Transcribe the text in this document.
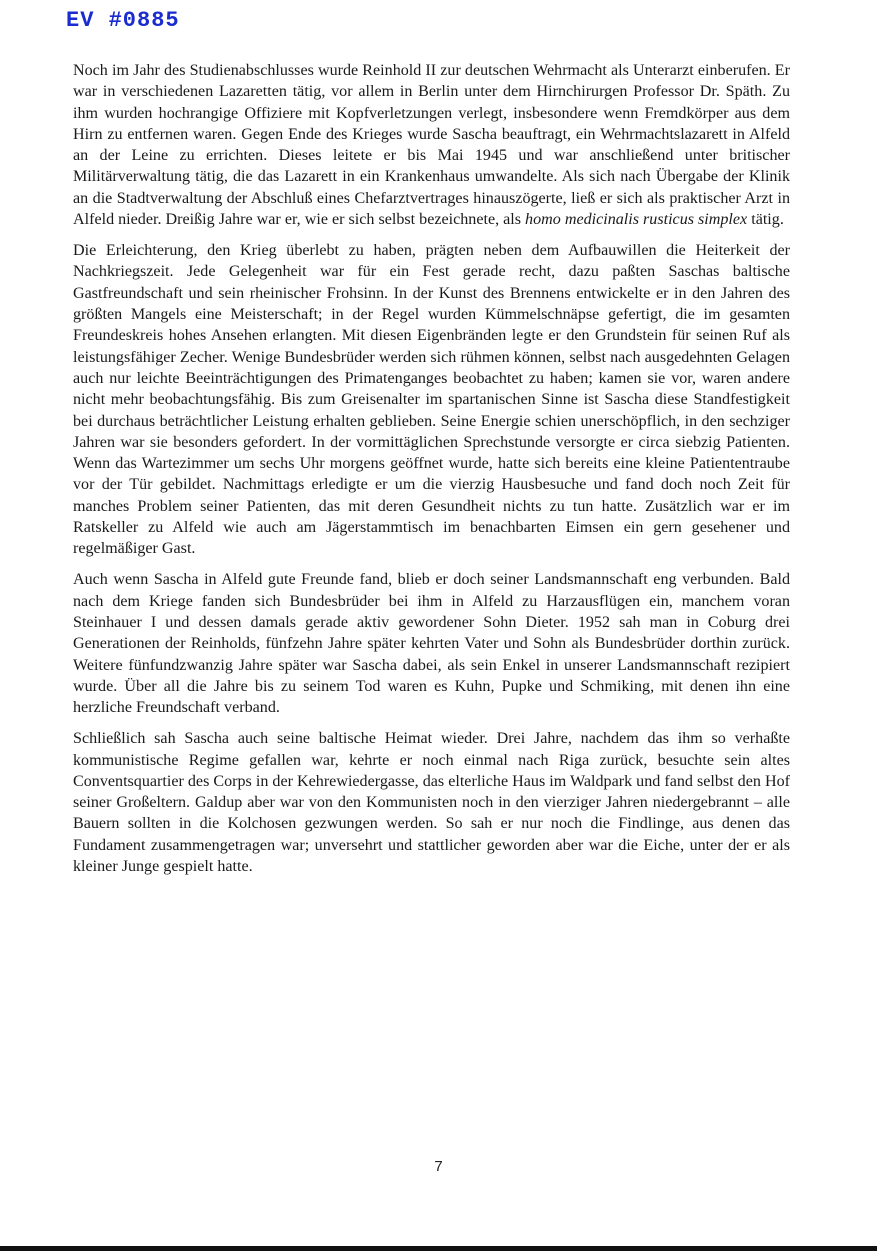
EV #0885

Noch im Jahr des Studienabschlusses wurde Reinhold II zur deutschen Wehrmacht als Unterarzt einberufen. Er war in verschiedenen Lazaretten tätig, vor allem in Berlin unter dem Hirnchirurgen Professor Dr. Späth. Zu ihm wurden hochrangige Offiziere mit Kopfverletzungen verlegt, insbesondere wenn Fremdkörper aus dem Hirn zu entfernen waren. Gegen Ende des Krieges wurde Sascha beauftragt, ein Wehrmachtslazarett in Alfeld an der Leine zu errichten. Dieses leitete er bis Mai 1945 und war anschließend unter britischer Militärverwaltung tätig, die das Lazarett in ein Krankenhaus umwandelte. Als sich nach Übergabe der Klinik an die Stadtverwaltung der Abschluß eines Chefarztvertrages hinauszögerte, ließ er sich als praktischer Arzt in Alfeld nieder. Dreißig Jahre war er, wie er sich selbst bezeichnete, als homo medicinalis rusticus simplex tätig.

Die Erleichterung, den Krieg überlebt zu haben, prägten neben dem Aufbauwillen die Heiterkeit der Nachkriegszeit. Jede Gelegenheit war für ein Fest gerade recht, dazu paßten Saschas baltische Gastfreundschaft und sein rheinischer Frohsinn. In der Kunst des Brennens entwickelte er in den Jahren des größten Mangels eine Meisterschaft; in der Regel wurden Kümmelschnäpse gefertigt, die im gesamten Freundeskreis hohes Ansehen erlangten. Mit diesen Eigenbränden legte er den Grundstein für seinen Ruf als leistungsfähiger Zecher. Wenige Bundesbrüder werden sich rühmen können, selbst nach ausgedehnten Gelagen auch nur leichte Beeinträchtigungen des Primatenganges beobachtet zu haben; kamen sie vor, waren andere nicht mehr beobachtungsfähig. Bis zum Greisenalter im spartanischen Sinne ist Sascha diese Standfestigkeit bei durchaus beträchtlicher Leistung erhalten geblieben. Seine Energie schien unerschöpflich, in den sechziger Jahren war sie besonders gefordert. In der vormittäglichen Sprechstunde versorgte er circa siebzig Patienten. Wenn das Wartezimmer um sechs Uhr morgens geöffnet wurde, hatte sich bereits eine kleine Patiententraube vor der Tür gebildet. Nachmittags erledigte er um die vierzig Hausbesuche und fand doch noch Zeit für manches Problem seiner Patienten, das mit deren Gesundheit nichts zu tun hatte. Zusätzlich war er im Ratskeller zu Alfeld wie auch am Jägerstammtisch im benachbarten Eimsen ein gern gesehener und regelmäßiger Gast.

Auch wenn Sascha in Alfeld gute Freunde fand, blieb er doch seiner Landsmannschaft eng verbunden. Bald nach dem Kriege fanden sich Bundesbrüder bei ihm in Alfeld zu Harzausflügen ein, manchem voran Steinhauer I und dessen damals gerade aktiv gewordener Sohn Dieter. 1952 sah man in Coburg drei Generationen der Reinholds, fünfzehn Jahre später kehrten Vater und Sohn als Bundesbrüder dorthin zurück. Weitere fünfundzwanzig Jahre später war Sascha dabei, als sein Enkel in unserer Landsmannschaft rezipiert wurde. Über all die Jahre bis zu seinem Tod waren es Kuhn, Pupke und Schmiking, mit denen ihn eine herzliche Freundschaft verband.

Schließlich sah Sascha auch seine baltische Heimat wieder. Drei Jahre, nachdem das ihm so verhaßte kommunistische Regime gefallen war, kehrte er noch einmal nach Riga zurück, besuchte sein altes Conventsquartier des Corps in der Kehrewiedergasse, das elterliche Haus im Waldpark und fand selbst den Hof seiner Großeltern. Galdup aber war von den Kommunisten noch in den vierziger Jahren niedergebrannt – alle Bauern sollten in die Kolchosen gezwungen werden. So sah er nur noch die Findlinge, aus denen das Fundament zusammengetragen war; unversehrt und stattlicher geworden aber war die Eiche, unter der er als kleiner Junge gespielt hatte.

7
